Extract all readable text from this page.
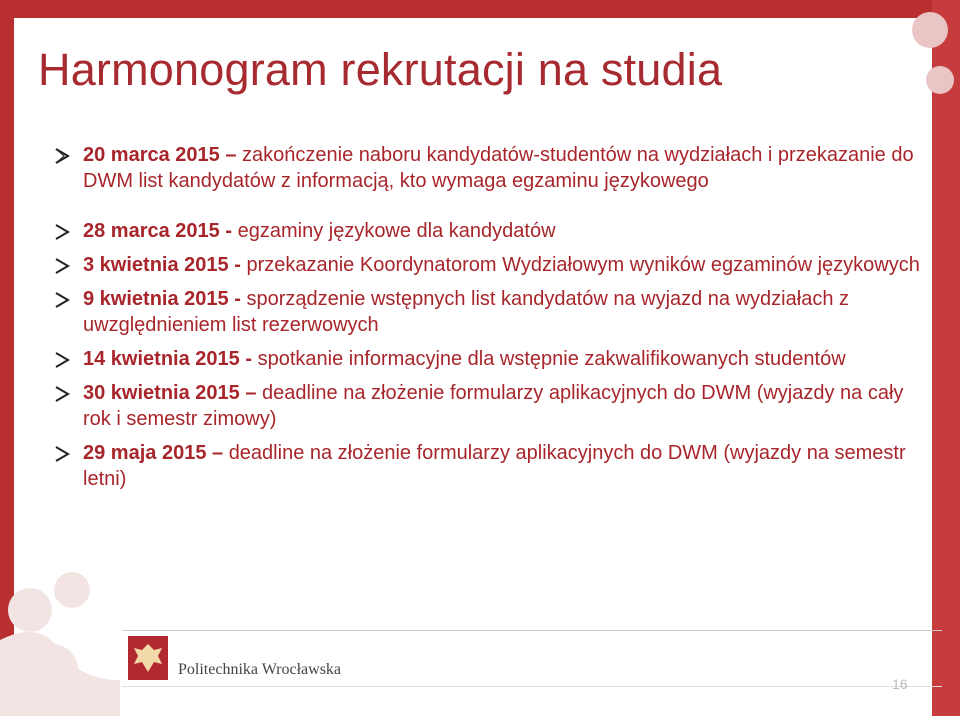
Harmonogram rekrutacji na studia
20 marca 2015 – zakończenie naboru kandydatów-studentów na wydziałach i przekazanie do DWM list kandydatów z informacją, kto wymaga egzaminu językowego
28 marca 2015 - egzaminy językowe dla kandydatów
3 kwietnia 2015 - przekazanie Koordynatorom Wydziałowym wyników egzaminów językowych
9 kwietnia 2015 - sporządzenie wstępnych list kandydatów na wyjazd na wydziałach z uwzględnieniem list rezerwowych
14 kwietnia 2015 - spotkanie informacyjne dla wstępnie zakwalifikowanych studentów
30 kwietnia 2015 – deadline na złożenie formularzy aplikacyjnych do DWM (wyjazdy na cały rok i semestr zimowy)
29 maja 2015 – deadline na złożenie formularzy aplikacyjnych do DWM (wyjazdy na semestr letni)
Politechnika Wrocławska
16
